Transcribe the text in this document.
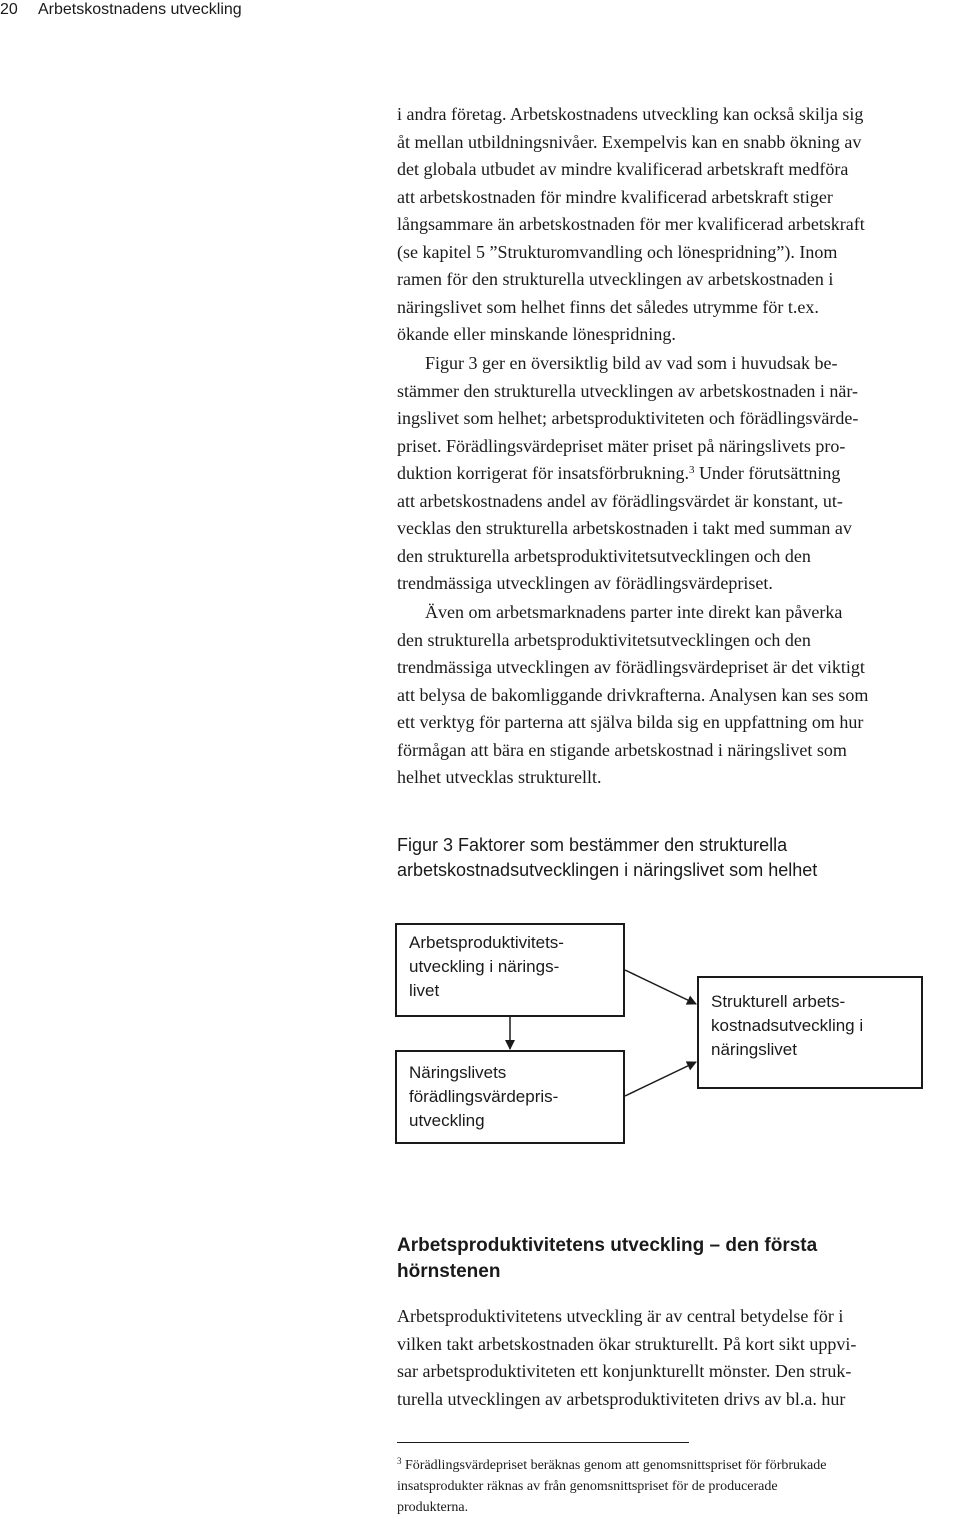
20 Arbetskostnadens utveckling
i andra företag. Arbetskostnadens utveckling kan också skilja sig
åt mellan utbildningsnivåer. Exempelvis kan en snabb ökning av
det globala utbudet av mindre kvalificerad arbetskraft medföra
att arbetskostnaden för mindre kvalificerad arbetskraft stiger
långsammare än arbetskostnaden för mer kvalificerad arbetskraft
(se kapitel 5 ”Strukturomvandling och lönespridning”). Inom
ramen för den strukturella utvecklingen av arbetskostnaden i
näringslivet som helhet finns det således utrymme för t.ex.
ökande eller minskande lönespridning.
Figur 3 ger en översiktlig bild av vad som i huvudsak be-
stämmer den strukturella utvecklingen av arbetskostnaden i när-
ingslivet som helhet; arbetsproduktiviteten och förädlingsvärde-
priset. Förädlingsvärdepriset mäter priset på näringslivets pro-
duktion korrigerat för insatsförbrukning.$^3$ Under förutsättning
att arbetskostnadens andel av förädlingsvärdet är konstant, ut-
vecklas den strukturella arbetskostnaden i takt med summan av
den strukturella arbetsproduktivitetsutvecklingen och den
trendmässiga utvecklingen av förädlingsvärdepriset.
Även om arbetsmarknadens parter inte direkt kan påverka
den strukturella arbetsproduktivitetsutvecklingen och den
trendmässiga utvecklingen av förädlingsvärdepriset är det viktigt
att belysa de bakomliggande drivkrafterna. Analysen kan ses som
ett verktyg för parterna att själva bilda sig en uppfattning om hur
förmågan att bära en stigande arbetskostnad i näringslivet som
helhet utvecklas strukturellt.
Figur 3 Faktorer som bestämmer den strukturella
arbetskostnadsutvecklingen i näringslivet som helhet
Arbetsproduktivitets-
utveckling i närings-
livet
Näringslivets
förädlingsvärdepris-
utveckling
Strukturell arbets-
kostnadsutveckling i
näringslivet
Arbetsproduktivitetens utveckling – den första
hörnstenen
Arbetsproduktivitetens utveckling är av central betydelse för i
vilken takt arbetskostnaden ökar strukturellt. På kort sikt uppvi-
sar arbetsproduktiviteten ett konjunkturellt mönster. Den struk-
turella utvecklingen av arbetsproduktiviteten drivs av bl.a. hur
$^3$ Förädlingsvärdepriset beräknas genom att genomsnittspriset för förbrukade
insatsprodukter räknas av från genomsnittspriset för de producerade
produkterna.
